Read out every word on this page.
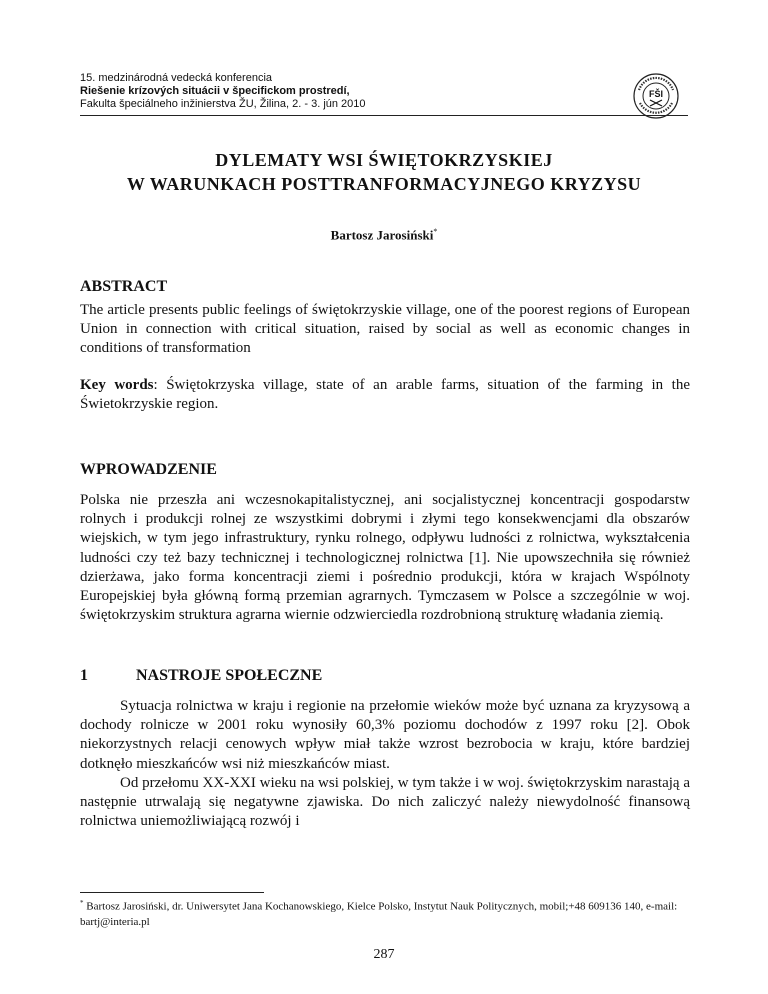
15. medzinárodná vedecká konferencia
Riešenie krízových situácii v špecifickom prostredí,
Fakulta špeciálneho inžinierstva ŽU, Žilina, 2. - 3. jún 2010
FŠI
DYLEMATY WSI ŚWIĘTOKRZYSKIEJ
W WARUNKACH POSTTRANFORMACYJNEGO KRYZYSU
Bartosz Jarosiński*
ABSTRACT

The article presents public feelings of świętokrzyskie village, one of the poorest regions of European Union in connection with critical situation, raised by social as well as economic changes in conditions of transformation

Key words: Świętokrzyska village, state of an arable farms, situation of the farming in the Świetokrzyskie region.

WPROWADZENIE

Polska nie przeszła ani wczesnokapitalistycznej, ani socjalistycznej koncentracji gospodarstw rolnych i produkcji rolnej ze wszystkimi dobrymi i złymi tego konsekwencjami dla obszarów wiejskich, w tym jego infrastruktury, rynku rolnego, odpływu ludności z rolnictwa, wykształcenia ludności czy też bazy technicznej i technologicznej rolnictwa [1]. Nie upowszechniła się również dzierżawa, jako forma koncentracji ziemi i pośrednio produkcji, która w krajach Wspólnoty Europejskiej była główną formą przemian agrarnych. Tymczasem w Polsce a szczególnie w woj. świętokrzyskim struktura agrarna wiernie odzwierciedla rozdrobnioną strukturę władania ziemią.

1	NASTROJE SPOŁECZNE

Sytuacja rolnictwa w kraju i regionie na przełomie wieków może być uznana za kryzysową a dochody rolnicze w 2001 roku wynosiły 60,3% poziomu dochodów z 1997 roku [2]. Obok niekorzystnych relacji cenowych wpływ miał także wzrost bezrobocia w kraju, które bardziej dotknęło mieszkańców wsi niż mieszkańców miast.

Od przełomu XX-XXI wieku na wsi polskiej, w tym także i w woj. świętokrzyskim narastają a następnie utrwalają się negatywne zjawiska. Do nich zaliczyć należy niewydolność finansową rolnictwa uniemożliwiającą rozwój i

* Bartosz Jarosiński, dr. Uniwersytet Jana Kochanowskiego, Kielce Polsko, Instytut Nauk Politycznych, mobil;+48 609136 140, e-mail: bartj@interia.pl
287
